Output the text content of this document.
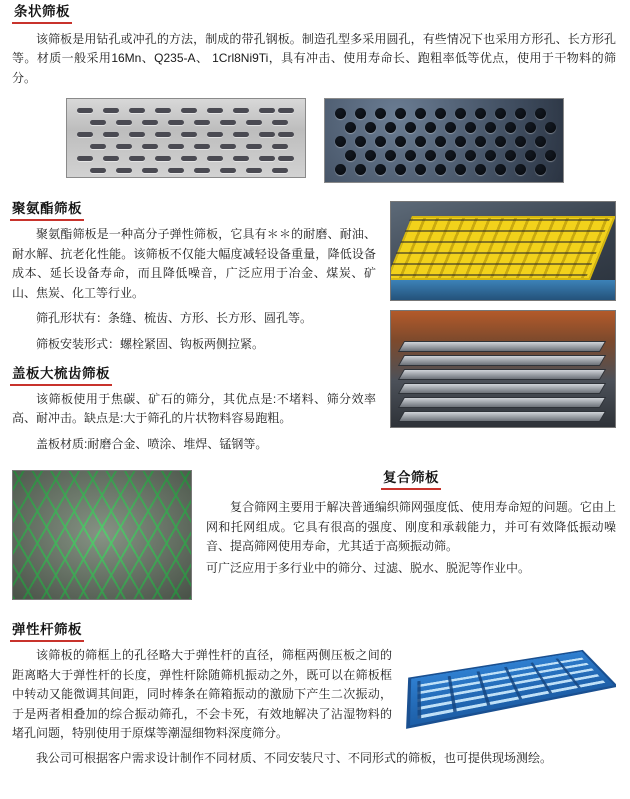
条状筛板

该筛板是用钻孔或冲孔的方法，制成的带孔钢板。制造孔型多采用圆孔，有些情况下也采用方形孔、长方形孔等。材质一般采用16Mn、Q235-A、 1Crl8Ni9Ti，具有冲击、使用寿命长、跑粗率低等优点，使用于干物料的筛分。

聚氨酯筛板

聚氨酯筛板是一种高分子弹性筛板，它具有＊＊的耐磨、耐油、耐水解、抗老化性能。该筛板不仅能大幅度减轻设备重量，降低设备成本、延长设备寿命，而且降低噪音，广泛应用于冶金、煤炭、矿山、焦炭、化工等行业。

筛孔形状有：条缝、梳齿、方形、长方形、圆孔等。

筛板安装形式：螺栓紧固、钩板两侧拉紧。

盖板大梳齿筛板

该筛板使用于焦碳、矿石的筛分，其优点是:不堵料、筛分效率高、耐冲击。缺点是:大于筛孔的片状物料容易跑粗。

盖板材质:耐磨合金、喷涂、堆焊、锰钢等。

复合筛板

复合筛网主要用于解决普通编织筛网强度低、使用寿命短的问题。它由上网和托网组成。它具有很高的强度、刚度和承载能力，并可有效降低振动噪音、提高筛网使用寿命，尤其适于高频振动筛。

可广泛应用于多行业中的筛分、过滤、脱水、脱泥等作业中。

弹性杆筛板

该筛板的筛框上的孔径略大于弹性杆的直径，筛框两侧压板之间的距离略大于弹性杆的长度，弹性杆除随筛机振动之外，既可以在筛板框中转动又能微调其间距，同时棒条在筛箱振动的激励下产生二次振动，于是两者相叠加的综合振动筛孔，不会卡死，有效地解决了沾湿物料的堵孔问题，特别使用于原煤等潮湿细物料深度筛分。

我公司可根据客户需求设计制作不同材质、不同安装尺寸、不同形式的筛板，也可提供现场测绘。
